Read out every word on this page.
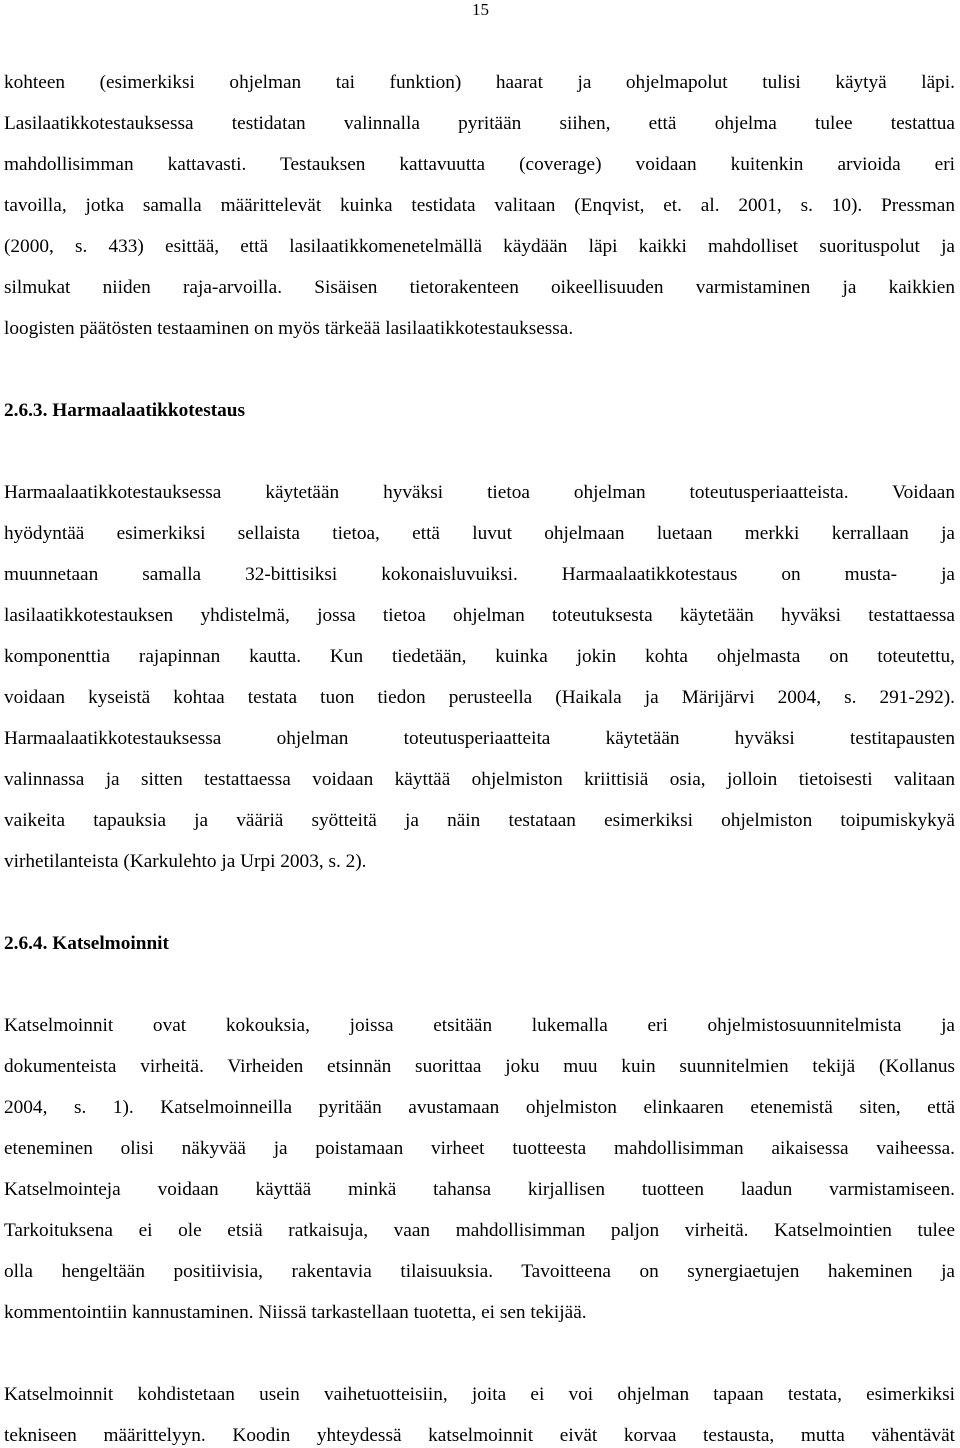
15
kohteen (esimerkiksi ohjelman tai funktion) haarat ja ohjelmapolut tulisi käytyä läpi.
Lasilaatikkotestauksessa testidatan valinnalla pyritään siihen, että ohjelma tulee testattua
mahdollisimman kattavasti. Testauksen kattavuutta (coverage) voidaan kuitenkin arvioida eri
tavoilla, jotka samalla määrittelevät kuinka testidata valitaan (Enqvist, et. al. 2001, s. 10). Pressman
(2000, s. 433) esittää, että lasilaatikkomenetelmällä käydään läpi kaikki mahdolliset suorituspolut ja
silmukat niiden raja-arvoilla. Sisäisen tietorakenteen oikeellisuuden varmistaminen ja kaikkien
loogisten päätösten testaaminen on myös tärkeää lasilaatikkotestauksessa.
2.6.3. Harmaalaatikkotestaus
Harmaalaatikkotestauksessa käytetään hyväksi tietoa ohjelman toteutusperiaatteista. Voidaan
hyödyntää esimerkiksi sellaista tietoa, että luvut ohjelmaan luetaan merkki kerrallaan ja
muunnetaan samalla 32-bittisiksi kokonaisluvuiksi. Harmaalaatikkotestaus on musta- ja
lasilaatikkotestauksen yhdistelmä, jossa tietoa ohjelman toteutuksesta käytetään hyväksi testattaessa
komponenttia rajapinnan kautta. Kun tiedetään, kuinka jokin kohta ohjelmasta on toteutettu,
voidaan kyseistä kohtaa testata tuon tiedon perusteella (Haikala ja Märijärvi 2004, s. 291-292).
Harmaalaatikkotestauksessa ohjelman toteutusperiaatteita käytetään hyväksi testitapausten
valinnassa ja sitten testattaessa voidaan käyttää ohjelmiston kriittisiä osia, jolloin tietoisesti valitaan
vaikeita tapauksia ja vääriä syötteitä ja näin testataan esimerkiksi ohjelmiston toipumiskykyä
virhetilanteista (Karkulehto ja Urpi 2003, s. 2).
2.6.4. Katselmoinnit
Katselmoinnit ovat kokouksia, joissa etsitään lukemalla eri ohjelmistosuunnitelmista ja
dokumenteista virheitä. Virheiden etsinnän suorittaa joku muu kuin suunnitelmien tekijä (Kollanus
2004, s. 1). Katselmoinneilla pyritään avustamaan ohjelmiston elinkaaren etenemistä siten, että
eteneminen olisi näkyvää ja poistamaan virheet tuotteesta mahdollisimman aikaisessa vaiheessa.
Katselmointeja voidaan käyttää minkä tahansa kirjallisen tuotteen laadun varmistamiseen.
Tarkoituksena ei ole etsiä ratkaisuja, vaan mahdollisimman paljon virheitä. Katselmointien tulee
olla hengeltään positiivisia, rakentavia tilaisuuksia. Tavoitteena on synergiaetujen hakeminen ja
kommentointiin kannustaminen. Niissä tarkastellaan tuotetta, ei sen tekijää.
Katselmoinnit kohdistetaan usein vaihetuotteisiin, joita ei voi ohjelman tapaan testata, esimerkiksi
tekniseen määrittelyyn. Koodin yhteydessä katselmoinnit eivät korvaa testausta, mutta vähentävät
